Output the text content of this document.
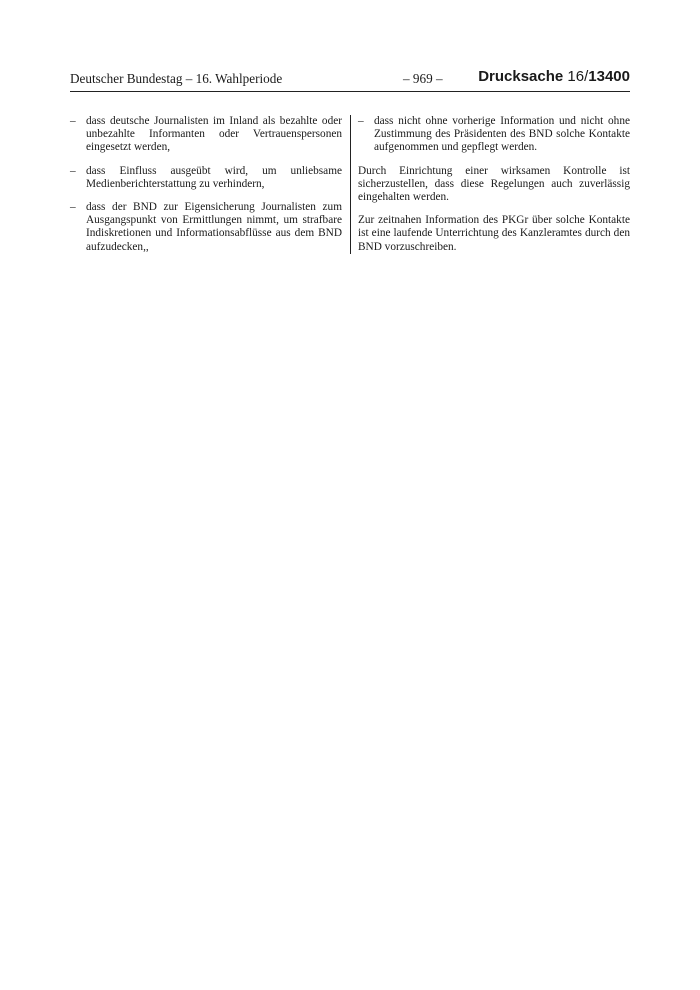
Deutscher Bundestag – 16. Wahlperiode	– 969 – Drucksache 16/13400
– dass deutsche Journalisten im Inland als bezahlte oder unbezahlte Informanten oder Vertrauenspersonen eingesetzt werden,
– dass Einfluss ausgeübt wird, um unliebsame Medienberichterstattung zu verhindern,
– dass der BND zur Eigensicherung Journalisten zum Ausgangspunkt von Ermittlungen nimmt, um strafbare Indiskretionen und Informationsabflüsse aus dem BND aufzudecken,,
– dass nicht ohne vorherige Information und nicht ohne Zustimmung des Präsidenten des BND solche Kontakte aufgenommen und gepflegt werden.

Durch Einrichtung einer wirksamen Kontrolle ist sicherzustellen, dass diese Regelungen auch zuverlässig eingehalten werden.

Zur zeitnahen Information des PKGr über solche Kontakte ist eine laufende Unterrichtung des Kanzleramtes durch den BND vorzuschreiben.
